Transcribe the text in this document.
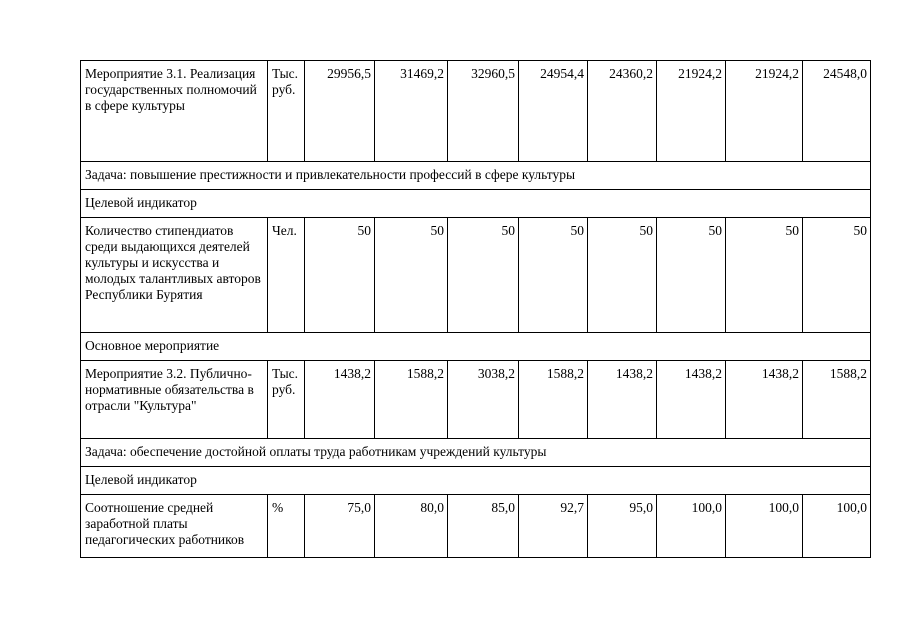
Мероприятие 3.1. Реализация государственных полномочий в сфере культуры	Тыс. руб.	29956,5	31469,2	32960,5	24954,4	24360,2	21924,2	21924,2	24548,0
Задача: повышение престижности и привлекательности профессий в сфере культуры									
Целевой индикатор									
Количество стипендиатов среди выдающихся деятелей культуры и искусства и молодых талантливых авторов Республики Бурятия	Чел.	50	50	50	50	50	50	50	50
Основное мероприятие									
Мероприятие 3.2. Публично-нормативные обязательства в отрасли "Культура"	Тыс. руб.	1438,2	1588,2	3038,2	1588,2	1438,2	1438,2	1438,2	1588,2
Задача: обеспечение достойной оплаты труда работникам учреждений культуры									
Целевой индикатор									
Соотношение средней заработной платы педагогических работников	%	75,0	80,0	85,0	92,7	95,0	100,0	100,0	100,0
